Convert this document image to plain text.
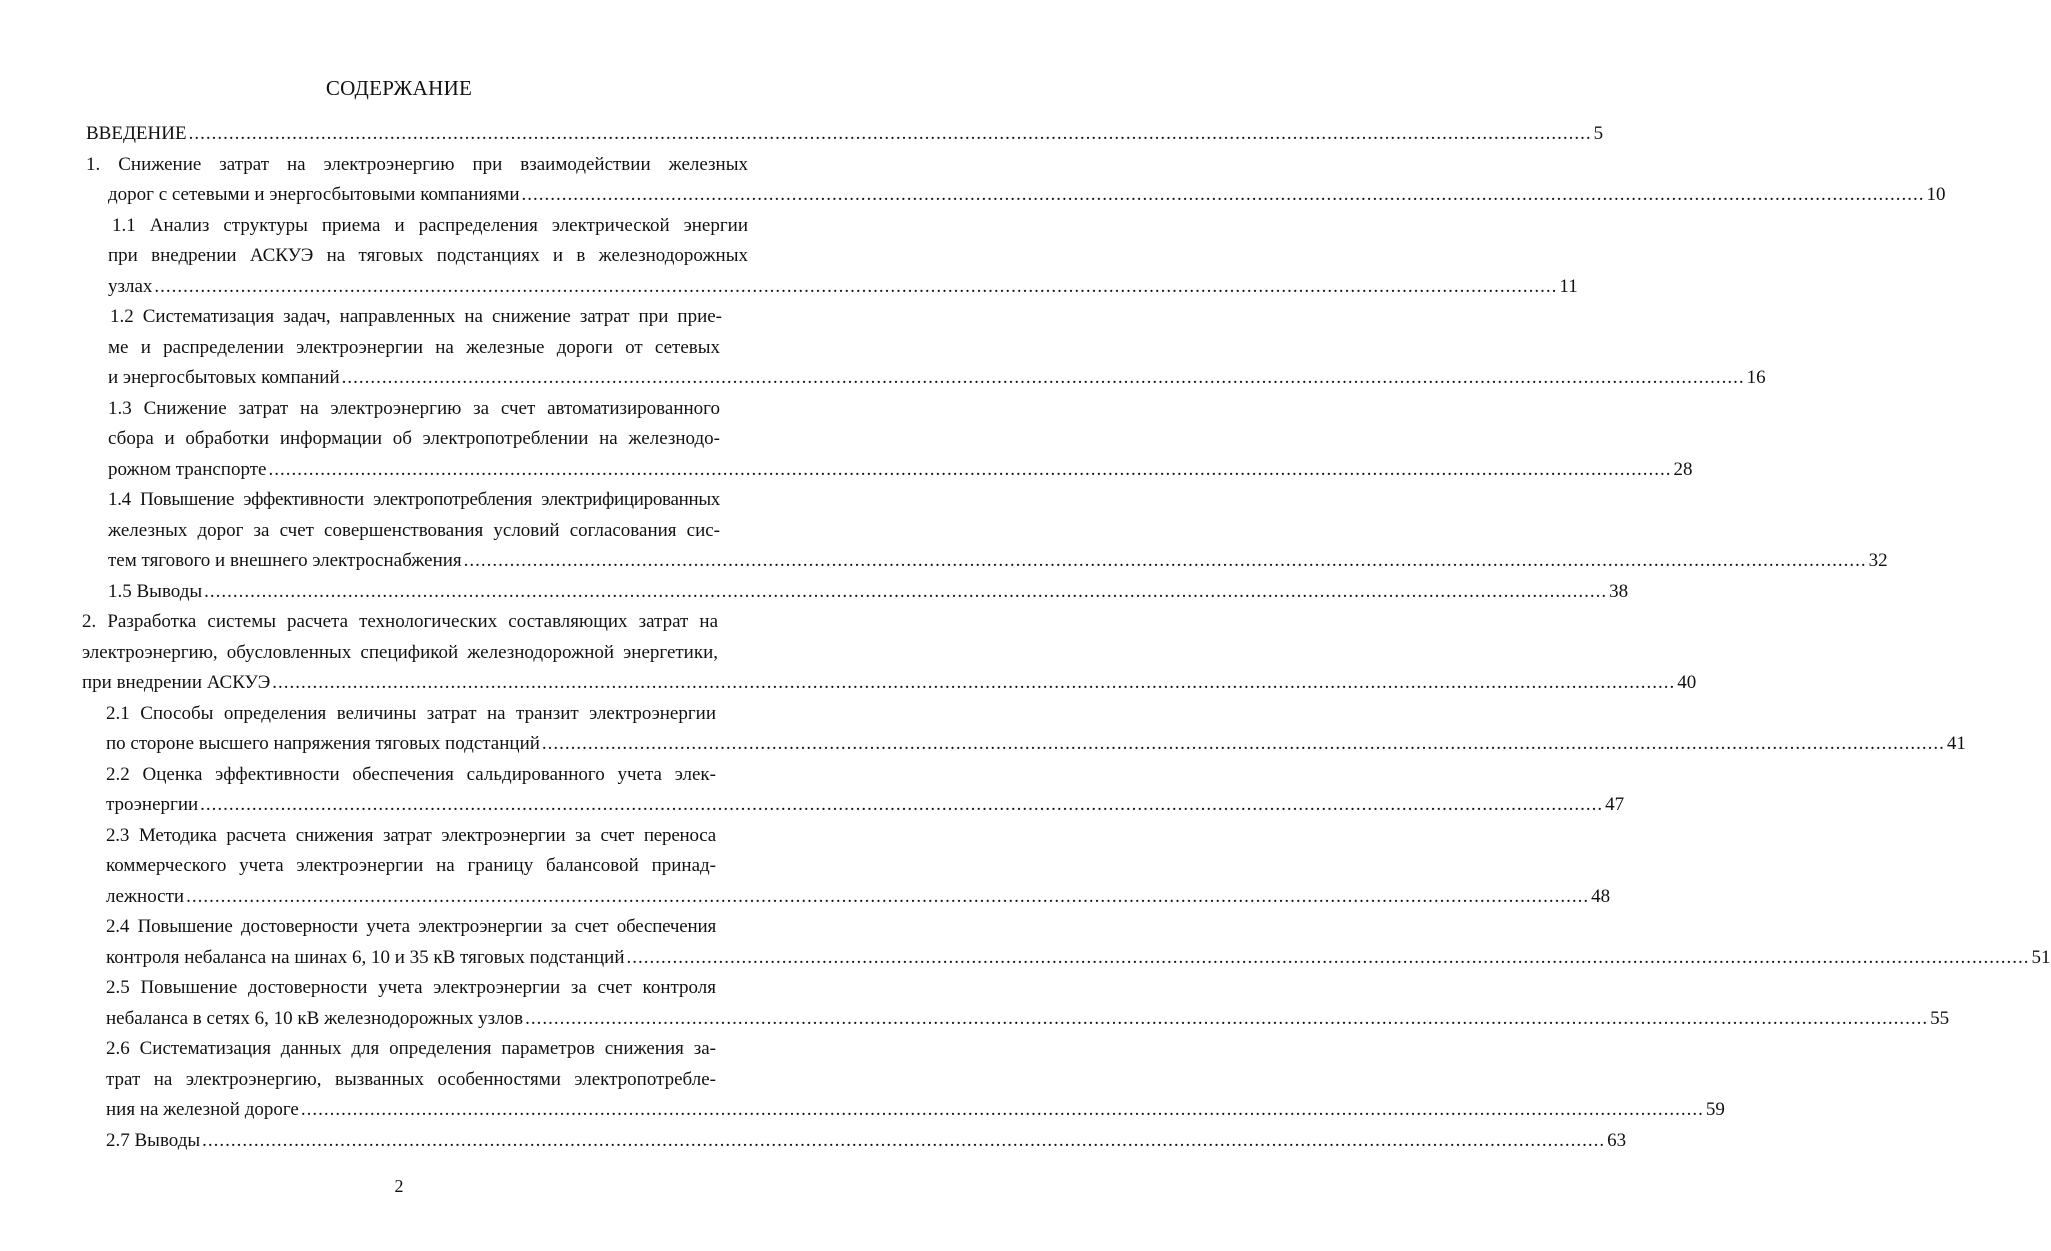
СОДЕРЖАНИЕ
ВВЕДЕНИЕ .....	5
1. Снижение затрат на электроэнергию при взаимодействии железных
дорог с сетевыми и энергосбытовыми компаниями .....	10
1.1 Анализ структуры приема и распределения электрической энергии
при внедрении АСКУЭ на тяговых подстанциях и в железнодорожных
узлах .....	11
1.2 Систематизация задач, направленных на снижение затрат при прие-
ме и распределении электроэнергии на железные дороги от сетевых
и энергосбытовых компаний .....	16
1.3 Снижение затрат на электроэнергию за счет автоматизированного
сбора и обработки информации об электропотреблении на железнодо-
рожном транспорте .....	28
1.4 Повышение эффективности электропотребления электрифицированных
железных дорог за счет совершенствования условий согласования сис-
тем тягового и внешнего электроснабжения .....	32
1.5 Выводы .....	38
2. Разработка системы расчета технологических составляющих затрат на
электроэнергию, обусловленных спецификой железнодорожной энергетики,
при внедрении АСКУЭ .....	40
2.1 Способы определения величины затрат на транзит электроэнергии
по стороне высшего напряжения тяговых подстанций .....	41
2.2 Оценка эффективности обеспечения сальдированного учета элек-
троэнергии .....	47
2.3 Методика расчета снижения затрат электроэнергии за счет переноса
коммерческого учета электроэнергии на границу балансовой принад-
лежности .....	48
2.4 Повышение достоверности учета электроэнергии за счет обеспечения
контроля небаланса на шинах 6, 10 и 35 кВ тяговых подстанций .....	51
2.5 Повышение достоверности учета электроэнергии за счет контроля
небаланса в сетях 6, 10 кВ железнодорожных узлов .....	55
2.6 Систематизация данных для определения параметров снижения за-
трат на электроэнергию, вызванных особенностями электропотребле-
ния на железной дороге .....	59
2.7 Выводы .....	63
2
